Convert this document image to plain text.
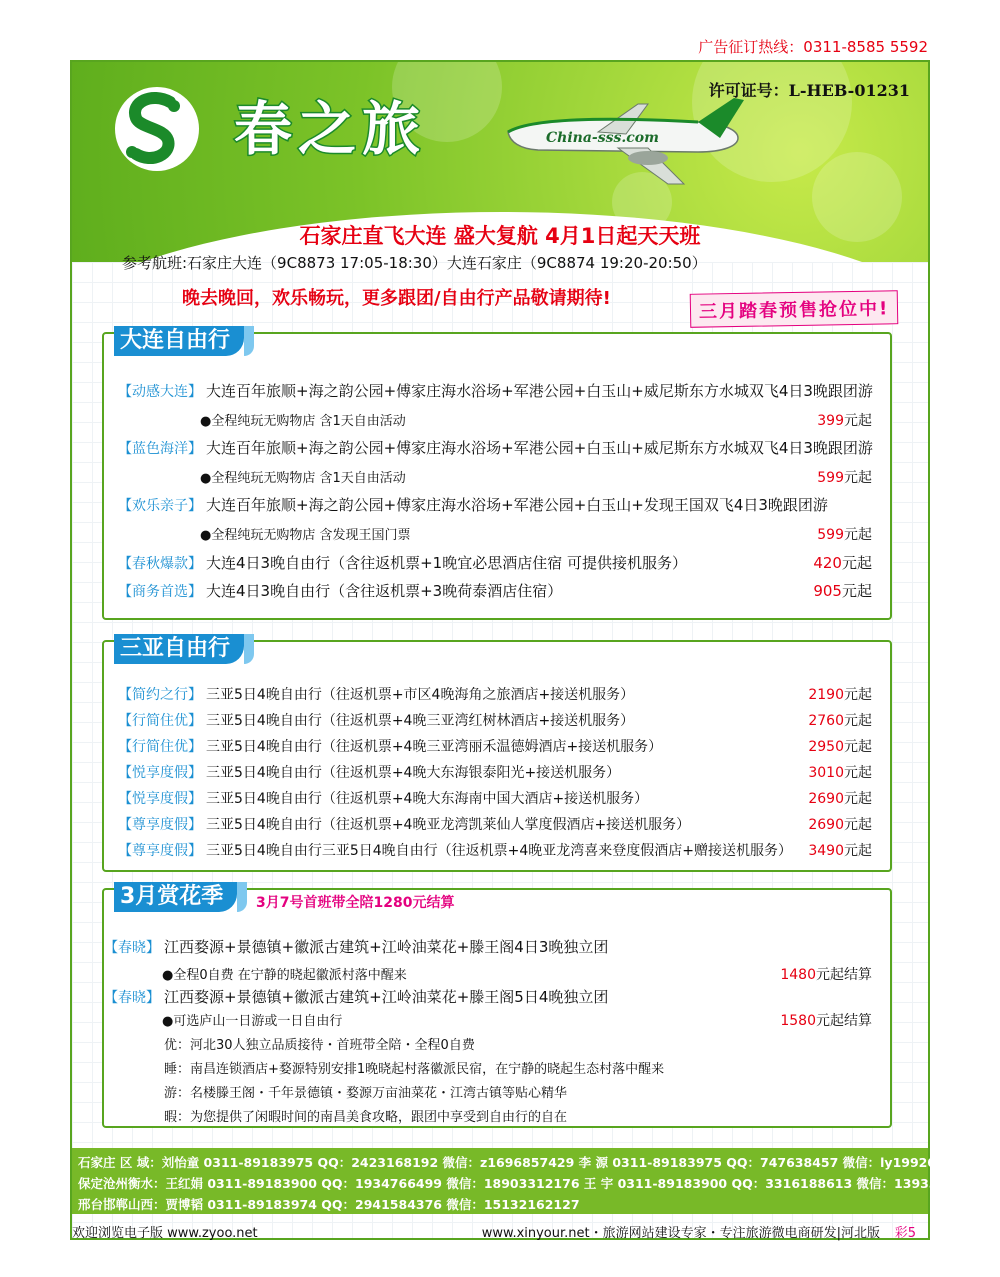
广告征订热线：0311-8585 5592
春之旅
许可证号：L-HEB-01231
China-sss.com
石家庄直飞大连 盛大复航 4月1日起天天班
参考航班:石家庄大连（9C8873 17:05-18:30）大连石家庄（9C8874 19:20-20:50）
晚去晚回，欢乐畅玩，更多跟团/自由行产品敬请期待!	三月踏春预售抢位中!
大连自由行
【动感大连】 大连百年旅顺+海之韵公园+傅家庄海水浴场+军港公园+白玉山+威尼斯东方水城双飞4日3晚跟团游
●全程纯玩无购物店 含1天自由活动	399元起
【蓝色海洋】 大连百年旅顺+海之韵公园+傅家庄海水浴场+军港公园+白玉山+威尼斯东方水城双飞4日3晚跟团游
●全程纯玩无购物店 含1天自由活动	599元起
【欢乐亲子】 大连百年旅顺+海之韵公园+傅家庄海水浴场+军港公园+白玉山+发现王国双飞4日3晚跟团游
●全程纯玩无购物店 含发现王国门票	599元起
【春秋爆款】 大连4日3晚自由行（含往返机票+1晚宜必思酒店住宿 可提供接机服务）	420元起
【商务首选】 大连4日3晚自由行（含往返机票+3晚荷泰酒店住宿）	905元起
三亚自由行
【简约之行】 三亚5日4晚自由行（往返机票+市区4晚海角之旅酒店+接送机服务）	2190元起
【行简住优】 三亚5日4晚自由行（往返机票+4晚三亚湾红树林酒店+接送机服务）	2760元起
【行简住优】 三亚5日4晚自由行（往返机票+4晚三亚湾丽禾温德姆酒店+接送机服务）	2950元起
【悦享度假】 三亚5日4晚自由行（往返机票+4晚大东海银泰阳光+接送机服务）	3010元起
【悦享度假】 三亚5日4晚自由行（往返机票+4晚大东海南中国大酒店+接送机服务）	2690元起
【尊享度假】 三亚5日4晚自由行（往返机票+4晚亚龙湾凯莱仙人掌度假酒店+接送机服务）	2690元起
【尊享度假】 三亚5日4晚自由行三亚5日4晚自由行（往返机票+4晚亚龙湾喜来登度假酒店+赠接送机服务） 3490元起
3月赏花季	3月7号首班带全陪1280元结算
【春晓】 江西婺源+景德镇+徽派古建筑+江岭油菜花+滕王阁4日3晚独立团
●全程0自费 在宁静的晓起徽派村落中醒来	1480元起结算
【春晓】 江西婺源+景德镇+徽派古建筑+江岭油菜花+滕王阁5日4晚独立团
●可选庐山一日游或一日自由行	1580元起结算
优：河北30人独立品质接待・首班带全陪・全程0自费
睡：南昌连锁酒店+婺源特别安排1晚晓起村落徽派民宿，在宁静的晓起生态村落中醒来
游：名楼滕王阁・千年景德镇・婺源万亩油菜花・江湾古镇等贴心精华
暇：为您提供了闲暇时间的南昌美食攻略，跟团中享受到自由行的自在
石家庄 区 域：刘怡童 0311-89183975 QQ：2423168192 微信：z1696857429 李 源 0311-89183975 QQ：747638457 微信：ly19920518ly
保定沧州衡水：王红娟 0311-89183900 QQ：1934766499 微信：18903312176 王 宇 0311-89183900 QQ：3316188613 微信：13933132015
邢台邯郸山西：贾博韬 0311-89183974 QQ：2941584376 微信：15132162127
欢迎浏览电子版 www.zyoo.net	www.xinyour.net・旅游网站建设专家・专注旅游微电商研发|河北版 彩5
